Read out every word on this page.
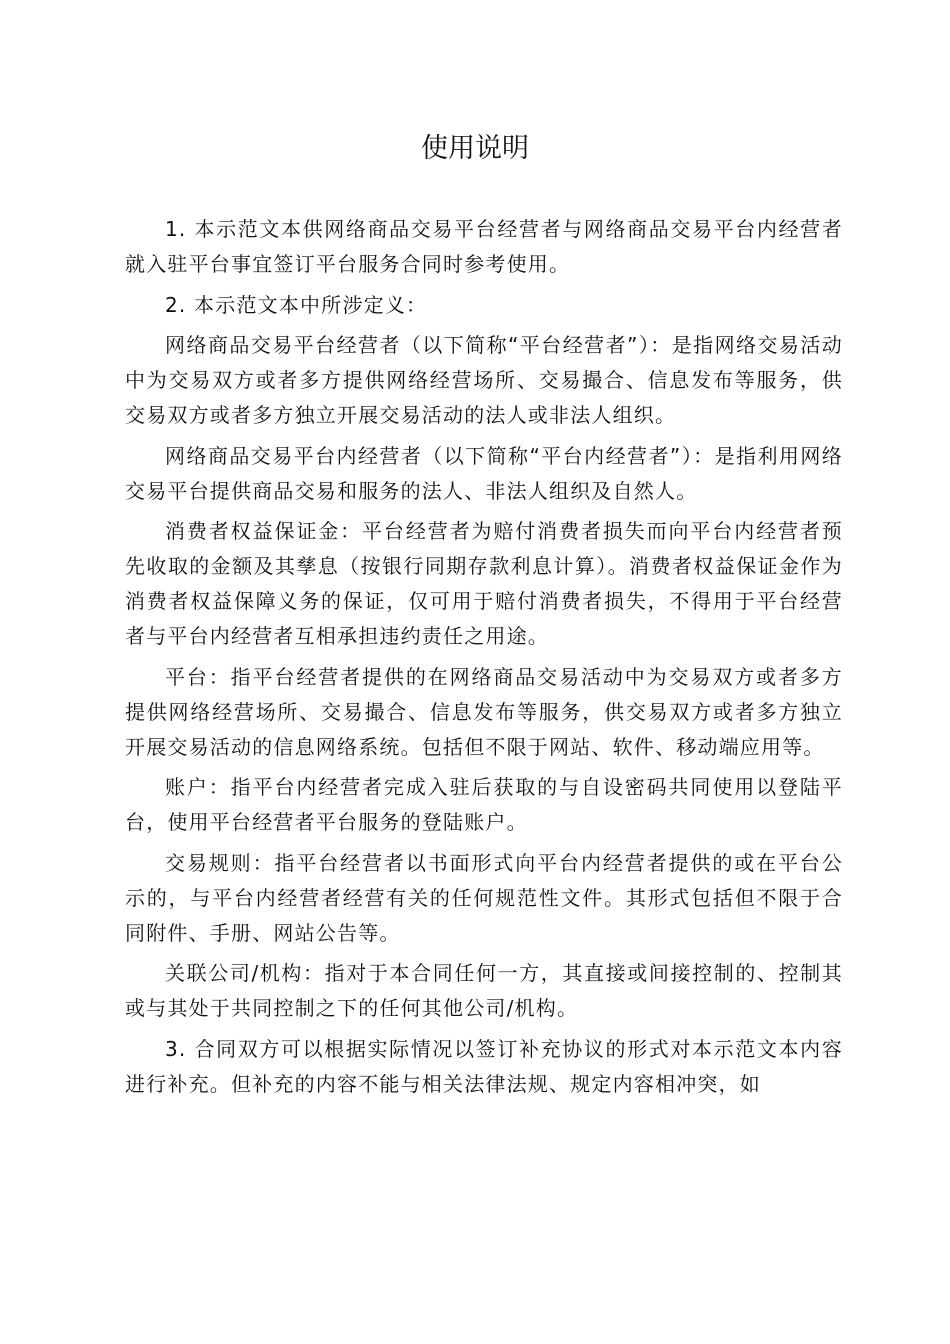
使用说明

1. 本示范文本供网络商品交易平台经营者与网络商品交易平台内经营者就入驻平台事宜签订平台服务合同时参考使用。

2. 本示范文本中所涉定义：

网络商品交易平台经营者（以下简称“平台经营者”）：是指网络交易活动中为交易双方或者多方提供网络经营场所、交易撮合、信息发布等服务，供交易双方或者多方独立开展交易活动的法人或非法人组织。

网络商品交易平台内经营者（以下简称“平台内经营者”）：是指利用网络交易平台提供商品交易和服务的法人、非法人组织及自然人。

消费者权益保证金：平台经营者为赔付消费者损失而向平台内经营者预先收取的金额及其孳息（按银行同期存款利息计算）。消费者权益保证金作为消费者权益保障义务的保证，仅可用于赔付消费者损失，不得用于平台经营者与平台内经营者互相承担违约责任之用途。

平台：指平台经营者提供的在网络商品交易活动中为交易双方或者多方提供网络经营场所、交易撮合、信息发布等服务，供交易双方或者多方独立开展交易活动的信息网络系统。包括但不限于网站、软件、移动端应用等。

账户：指平台内经营者完成入驻后获取的与自设密码共同使用以登陆平台，使用平台经营者平台服务的登陆账户。

交易规则：指平台经营者以书面形式向平台内经营者提供的或在平台公示的，与平台内经营者经营有关的任何规范性文件。其形式包括但不限于合同附件、手册、网站公告等。

关联公司/机构：指对于本合同任何一方，其直接或间接控制的、控制其或与其处于共同控制之下的任何其他公司/机构。

3. 合同双方可以根据实际情况以签订补充协议的形式对本示范文本内容进行补充。但补充的内容不能与相关法律法规、规定内容相冲突，如
